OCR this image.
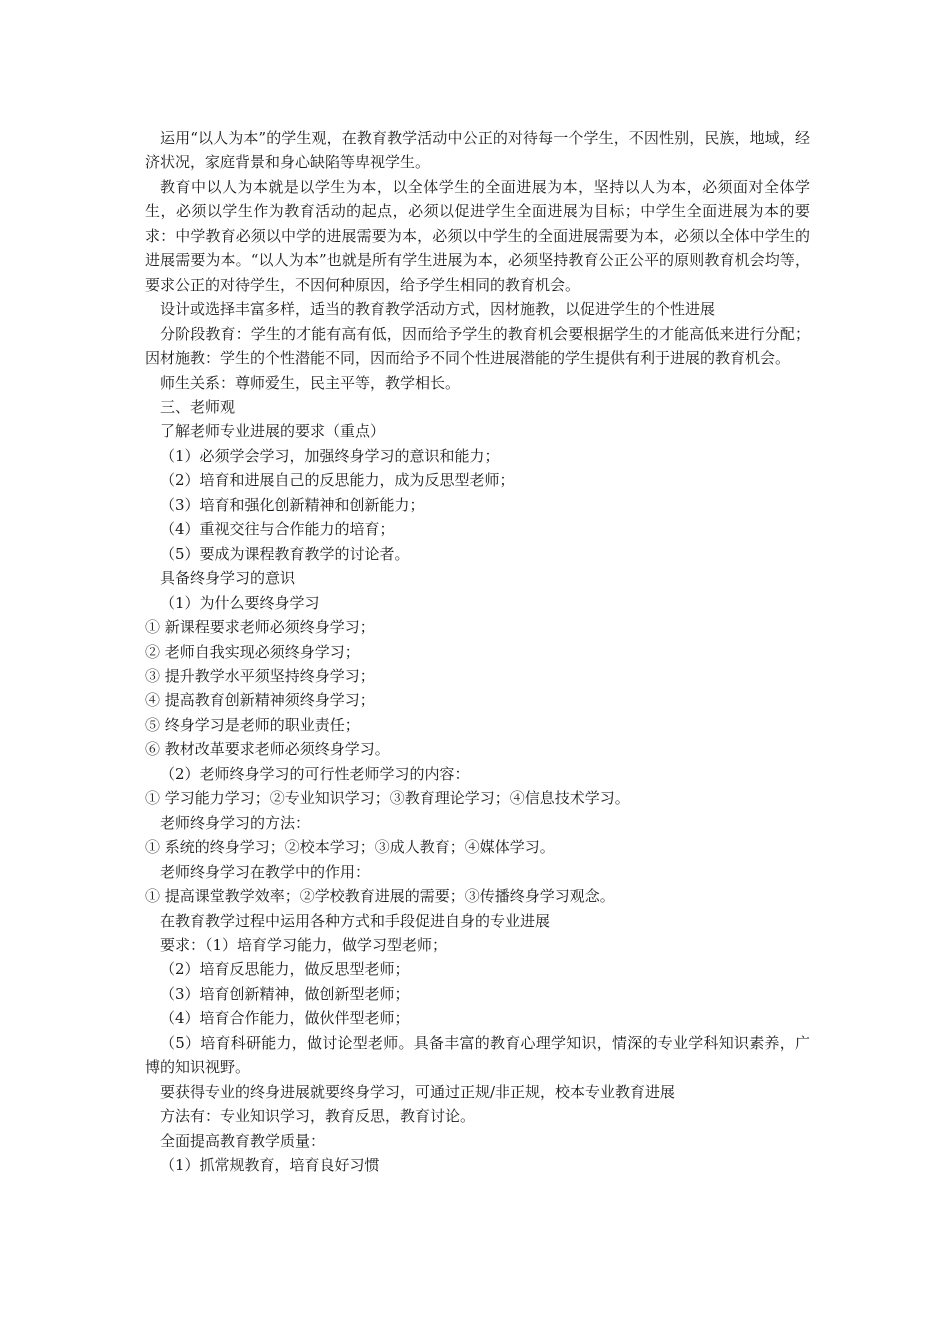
运用“以人为本”的学生观，在教育教学活动中公正的对待每一个学生，不因性别，民族，地域，经济状况，家庭背景和身心缺陷等卑视学生。

教育中以人为本就是以学生为本，以全体学生的全面进展为本，坚持以人为本，必须面对全体学生，必须以学生作为教育活动的起点，必须以促进学生全面进展为目标；中学生全面进展为本的要求：中学教育必须以中学的进展需要为本，必须以中学生的全面进展需要为本，必须以全体中学生的进展需要为本。“以人为本”也就是所有学生进展为本，必须坚持教育公正公平的原则教育机会均等，要求公正的对待学生，不因何种原因，给予学生相同的教育机会。

设计或选择丰富多样，适当的教育教学活动方式，因材施教，以促进学生的个性进展

分阶段教育：学生的才能有高有低，因而给予学生的教育机会要根据学生的才能高低来进行分配；因材施教：学生的个性潜能不同，因而给予不同个性进展潜能的学生提供有利于进展的教育机会。

师生关系：尊师爱生，民主平等，教学相长。

三、老师观

了解老师专业进展的要求（重点）

（1）必须学会学习，加强终身学习的意识和能力；

（2）培育和进展自己的反思能力，成为反思型老师；

（3）培育和强化创新精神和创新能力；

（4）重视交往与合作能力的培育；

（5）要成为课程教育教学的讨论者。

具备终身学习的意识

（1）为什么要终身学习

① 新课程要求老师必须终身学习；

② 老师自我实现必须终身学习；

③ 提升教学水平须坚持终身学习；

④ 提高教育创新精神须终身学习；

⑤ 终身学习是老师的职业责任；

⑥ 教材改革要求老师必须终身学习。

（2）老师终身学习的可行性老师学习的内容：

① 学习能力学习；②专业知识学习；③教育理论学习；④信息技术学习。

老师终身学习的方法：

① 系统的终身学习；②校本学习；③成人教育；④媒体学习。

老师终身学习在教学中的作用：

① 提高课堂教学效率；②学校教育进展的需要；③传播终身学习观念。

在教育教学过程中运用各种方式和手段促进自身的专业进展

要求：（1）培育学习能力，做学习型老师；

（2）培育反思能力，做反思型老师；

（3）培育创新精神，做创新型老师；

（4）培育合作能力，做伙伴型老师；

（5）培育科研能力，做讨论型老师。具备丰富的教育心理学知识，情深的专业学科知识素养，广博的知识视野。

要获得专业的终身进展就要终身学习，可通过正规/非正规，校本专业教育进展

方法有：专业知识学习，教育反思，教育讨论。

全面提高教育教学质量：

（1）抓常规教育，培育良好习惯
